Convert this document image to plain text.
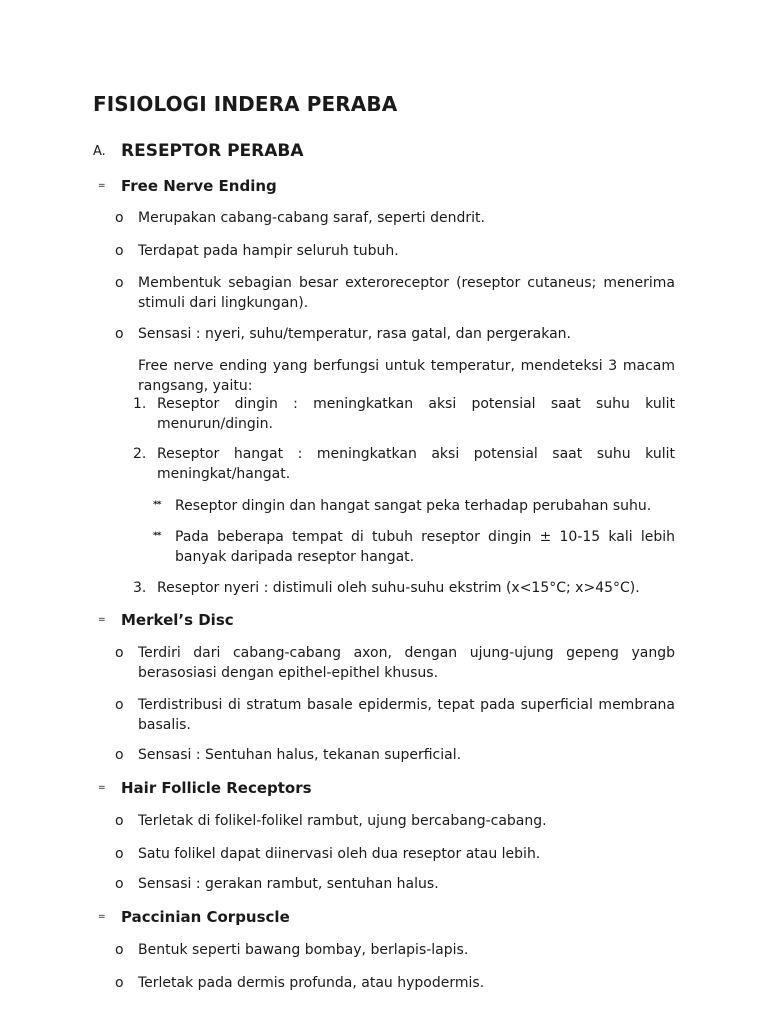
FISIOLOGI INDERA PERABA
A. RESEPTOR PERABA
= Free Nerve Ending
o Merupakan cabang-cabang saraf, seperti dendrit.
o Terdapat pada hampir seluruh tubuh.
o Membentuk sebagian besar exteroreceptor (reseptor cutaneus; menerima stimuli dari lingkungan).
o Sensasi : nyeri, suhu/temperatur, rasa gatal, dan pergerakan.
Free nerve ending yang berfungsi untuk temperatur, mendeteksi 3 macam rangsang, yaitu:
1. Reseptor dingin : meningkatkan aksi potensial saat suhu kulit menurun/dingin.
2. Reseptor hangat : meningkatkan aksi potensial saat suhu kulit meningkat/hangat.
** Reseptor dingin dan hangat sangat peka terhadap perubahan suhu.
** Pada beberapa tempat di tubuh reseptor dingin ± 10-15 kali lebih banyak daripada reseptor hangat.
3. Reseptor nyeri : distimuli oleh suhu-suhu ekstrim (x<15°C; x>45°C).
= Merkel’s Disc
o Terdiri dari cabang-cabang axon, dengan ujung-ujung gepeng yangb berasosiasi dengan epithel-epithel khusus.
o Terdistribusi di stratum basale epidermis, tepat pada superficial membrana basalis.
o Sensasi : Sentuhan halus, tekanan superficial.
= Hair Follicle Receptors
o Terletak di folikel-folikel rambut, ujung bercabang-cabang.
o Satu folikel dapat diinervasi oleh dua reseptor atau lebih.
o Sensasi : gerakan rambut, sentuhan halus.
= Paccinian Corpuscle
o Bentuk seperti bawang bombay, berlapis-lapis.
o Terletak pada dermis profunda, atau hypodermis.
